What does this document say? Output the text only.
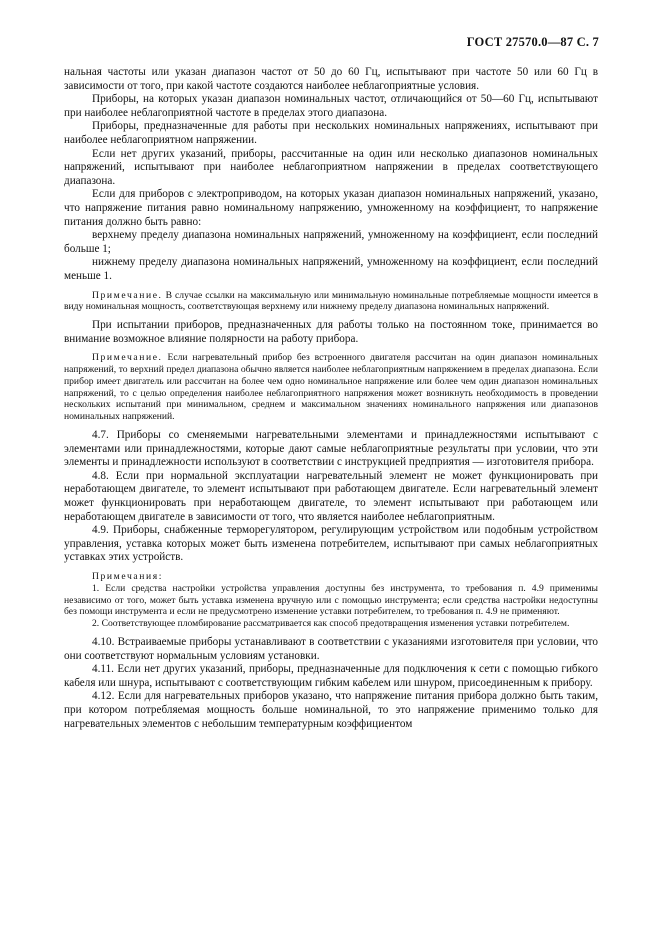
ГОСТ 27570.0—87 С. 7

нальная частоты или указан диапазон частот от 50 до 60 Гц, испытывают при частоте 50 или 60 Гц в зависимости от того, при какой частоте создаются наиболее неблагоприятные условия.

Приборы, на которых указан диапазон номинальных частот, отличающийся от 50—60 Гц, испытывают при наиболее неблагоприятной частоте в пределах этого диапазона.

Приборы, предназначенные для работы при нескольких номинальных напряжениях, испытывают при наиболее неблагоприятном напряжении.

Если нет других указаний, приборы, рассчитанные на один или несколько диапазонов номинальных напряжений, испытывают при наиболее неблагоприятном напряжении в пределах соответствующего диапазона.

Если для приборов с электроприводом, на которых указан диапазон номинальных напряжений, указано, что напряжение питания равно номинальному напряжению, умноженному на коэффициент, то напряжение питания должно быть равно:

верхнему пределу диапазона номинальных напряжений, умноженному на коэффициент, если последний больше 1;

нижнему пределу диапазона номинальных напряжений, умноженному на коэффициент, если последний меньше 1.

Примечание. В случае ссылки на максимальную или минимальную номинальные потребляемые мощности имеется в виду номинальная мощность, соответствующая верхнему или нижнему пределу диапазона номинальных напряжений.

При испытании приборов, предназначенных для работы только на постоянном токе, принимается во внимание возможное влияние полярности на работу прибора.

Примечание. Если нагревательный прибор без встроенного двигателя рассчитан на один диапазон номинальных напряжений, то верхний предел диапазона обычно является наиболее неблагоприятным напряжением в пределах диапазона. Если прибор имеет двигатель или рассчитан на более чем одно номинальное напряжение или более чем один диапазон номинальных напряжений, то с целью определения наиболее неблагоприятного напряжения может возникнуть необходимость в проведении нескольких испытаний при минимальном, среднем и максимальном значениях номинального напряжения или диапазонов номинальных напряжений.

4.7. Приборы со сменяемыми нагревательными элементами и принадлежностями испытывают с элементами или принадлежностями, которые дают самые неблагоприятные результаты при условии, что эти элементы и принадлежности используют в соответствии с инструкцией предприятия — изготовителя прибора.

4.8. Если при нормальной эксплуатации нагревательный элемент не может функционировать при неработающем двигателе, то элемент испытывают при работающем двигателе. Если нагревательный элемент может функционировать при неработающем двигателе, то элемент испытывают при работающем или неработающем двигателе в зависимости от того, что является наиболее неблагоприятным.

4.9. Приборы, снабженные терморегулятором, регулирующим устройством или подобным устройством управления, уставка которых может быть изменена потребителем, испытывают при самых неблагоприятных уставках этих устройств.

Примечания:

1. Если средства настройки устройства управления доступны без инструмента, то требования п. 4.9 применимы независимо от того, может быть уставка изменена вручную или с помощью инструмента; если средства настройки недоступны без помощи инструмента и если не предусмотрено изменение уставки потребителем, то требования п. 4.9 не применяют.

2. Соответствующее пломбирование рассматривается как способ предотвращения изменения уставки потребителем.

4.10. Встраиваемые приборы устанавливают в соответствии с указаниями изготовителя при условии, что они соответствуют нормальным условиям установки.

4.11. Если нет других указаний, приборы, предназначенные для подключения к сети с помощью гибкого кабеля или шнура, испытывают с соответствующим гибким кабелем или шнуром, присоединенным к прибору.

4.12. Если для нагревательных приборов указано, что напряжение питания прибора должно быть таким, при котором потребляемая мощность больше номинальной, то это напряжение применимо только для нагревательных элементов с небольшим температурным коэффициентом
